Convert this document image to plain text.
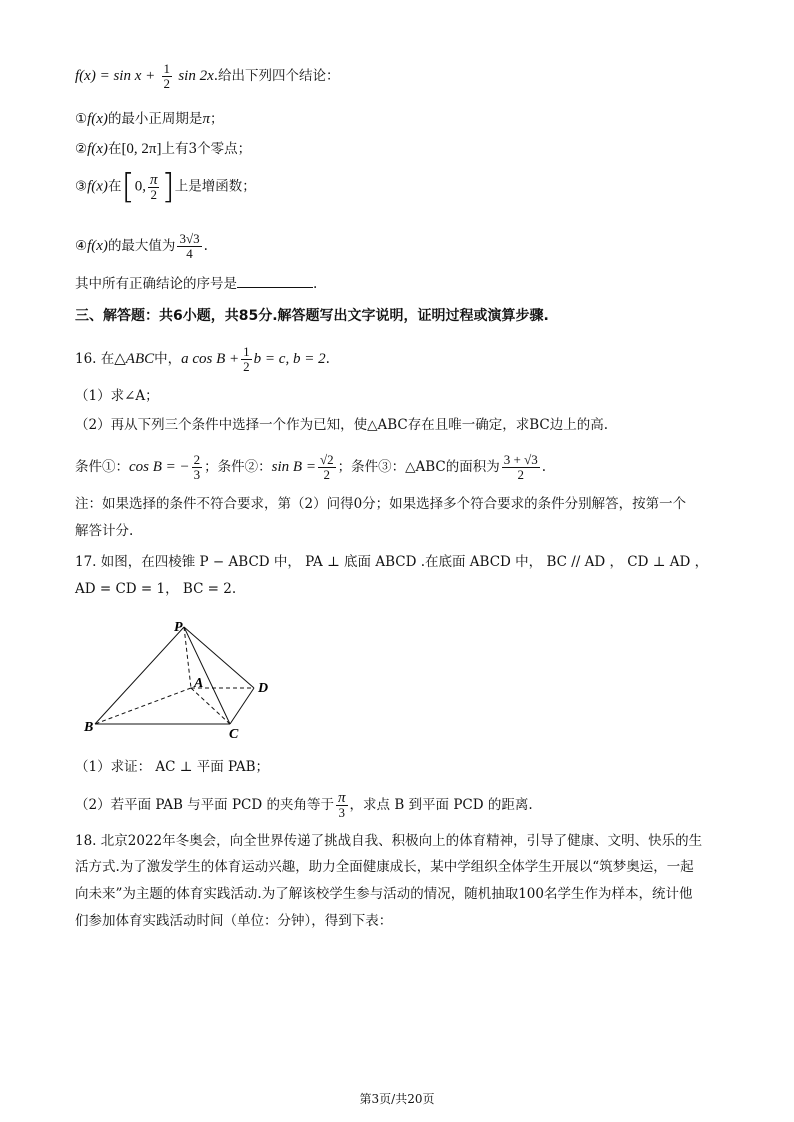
$f(x) = \sin x + \frac{1}{2}$ sin 2x.给出下列四个结论：
①f(x)的最小正周期是π；
②f(x)在[0, 2π]上有3个零点；
③f(x)在[0, $\frac{\pi}{2}$ ]上是增函数；
④f(x)的最大值为 $\frac{3√3}{4}$ .
其中所有正确结论的序号是	.
三、解答题：共6小题，共85分.解答题写出文字说明，证明过程或演算步骤.
16. 在△ABC中，a $\cos B + \frac{1}{2}$ b = c, b = 2.
（1）求∠A；
（2）再从下列三个条件中选择一个作为已知，使△ABC存在且唯一确定，求BC边上的高.
条件①：cos B = − $\frac{2}{3}$ ；条件②：$\sin B = \frac{√2}{2}$ ；条件③：△ABC的面积为 $\frac{3 + √3}{2}$ .
注：如果选择的条件不符合要求，第（2）问得0分；如果选择多个符合要求的条件分别解答，按第一个
解答计分.
17. 如图，在四棱锥 P − ABCD 中， PA ⊥ 底面 ABCD .在底面 ABCD 中， BC // AD ， CD ⊥ AD ，
AD = CD = 1， BC = 2.
P
A	D
B	C
（1）求证： AC ⊥ 平面 PAB；
（2）若平面 PAB 与平面 PCD 的夹角等于 $\frac{\pi}{3}$ ，求点 B 到平面 PCD 的距离.
18. 北京2022年冬奥会，向全世界传递了挑战自我、积极向上的体育精神，引导了健康、文明、快乐的生
活方式.为了激发学生的体育运动兴趣，助力全面健康成长，某中学组织全体学生开展以“筑梦奥运，一起
向未来”为主题的体育实践活动.为了解该校学生参与活动的情况，随机抽取100名学生作为样本，统计他
们参加体育实践活动时间（单位：分钟），得到下表：
第3页/共20页
